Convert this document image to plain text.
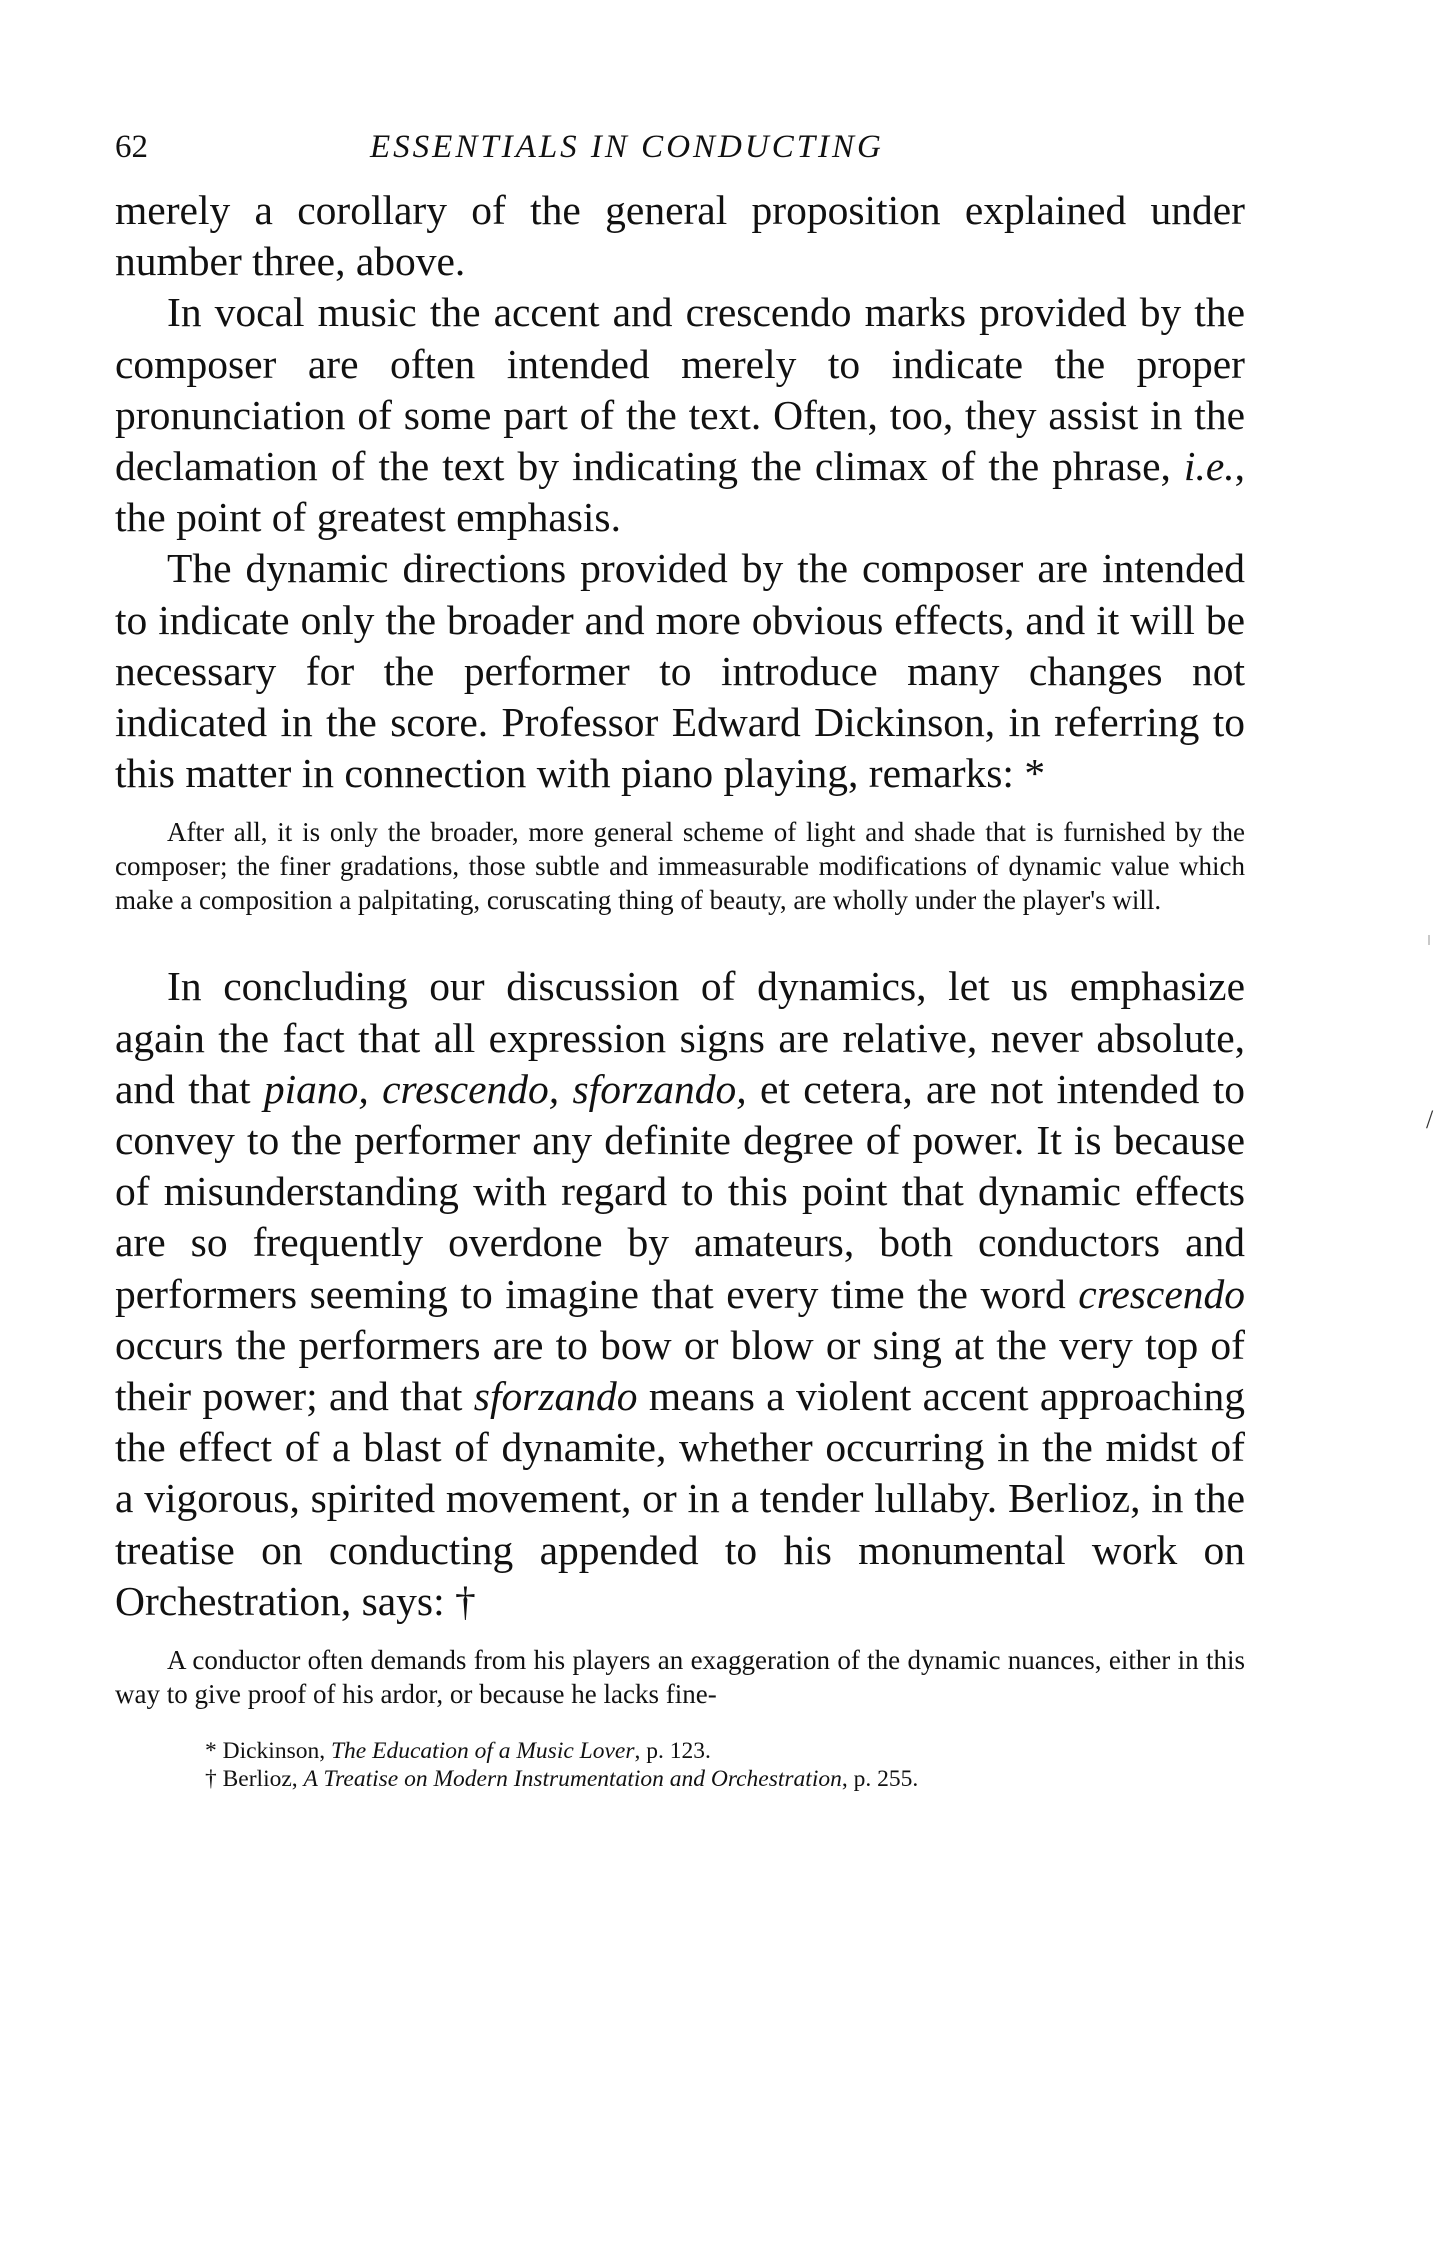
62	ESSENTIALS IN CONDUCTING

merely a corollary of the general proposition explained under number three, above.

In vocal music the accent and crescendo marks provided by the composer are often intended merely to indicate the proper pronunciation of some part of the text. Often, too, they assist in the declamation of the text by indicating the climax of the phrase, i.e., the point of greatest emphasis.

The dynamic directions provided by the composer are intended to indicate only the broader and more obvious effects, and it will be necessary for the performer to introduce many changes not indicated in the score. Professor Edward Dickinson, in referring to this matter in connection with piano playing, remarks: *

After all, it is only the broader, more general scheme of light and shade that is furnished by the composer; the finer gradations, those subtle and immeasurable modifications of dynamic value which make a composition a palpitating, coruscating thing of beauty, are wholly under the player's will.

In concluding our discussion of dynamics, let us emphasize again the fact that all expression signs are relative, never absolute, and that piano, crescendo, sforzando, et cetera, are not intended to convey to the performer any definite degree of power. It is because of misunderstanding with regard to this point that dynamic effects are so frequently overdone by amateurs, both conductors and performers seeming to imagine that every time the word crescendo occurs the performers are to bow or blow or sing at the very top of their power; and that sforzando means a violent accent approaching the effect of a blast of dynamite, whether occurring in the midst of a vigorous, spirited movement, or in a tender lullaby. Berlioz, in the treatise on conducting appended to his monumental work on Orchestration, says: †

A conductor often demands from his players an exaggeration of the dynamic nuances, either in this way to give proof of his ardor, or because he lacks fine-

* Dickinson, The Education of a Music Lover, p. 123.
† Berlioz, A Treatise on Modern Instrumentation and Orchestration, p. 255.
/
